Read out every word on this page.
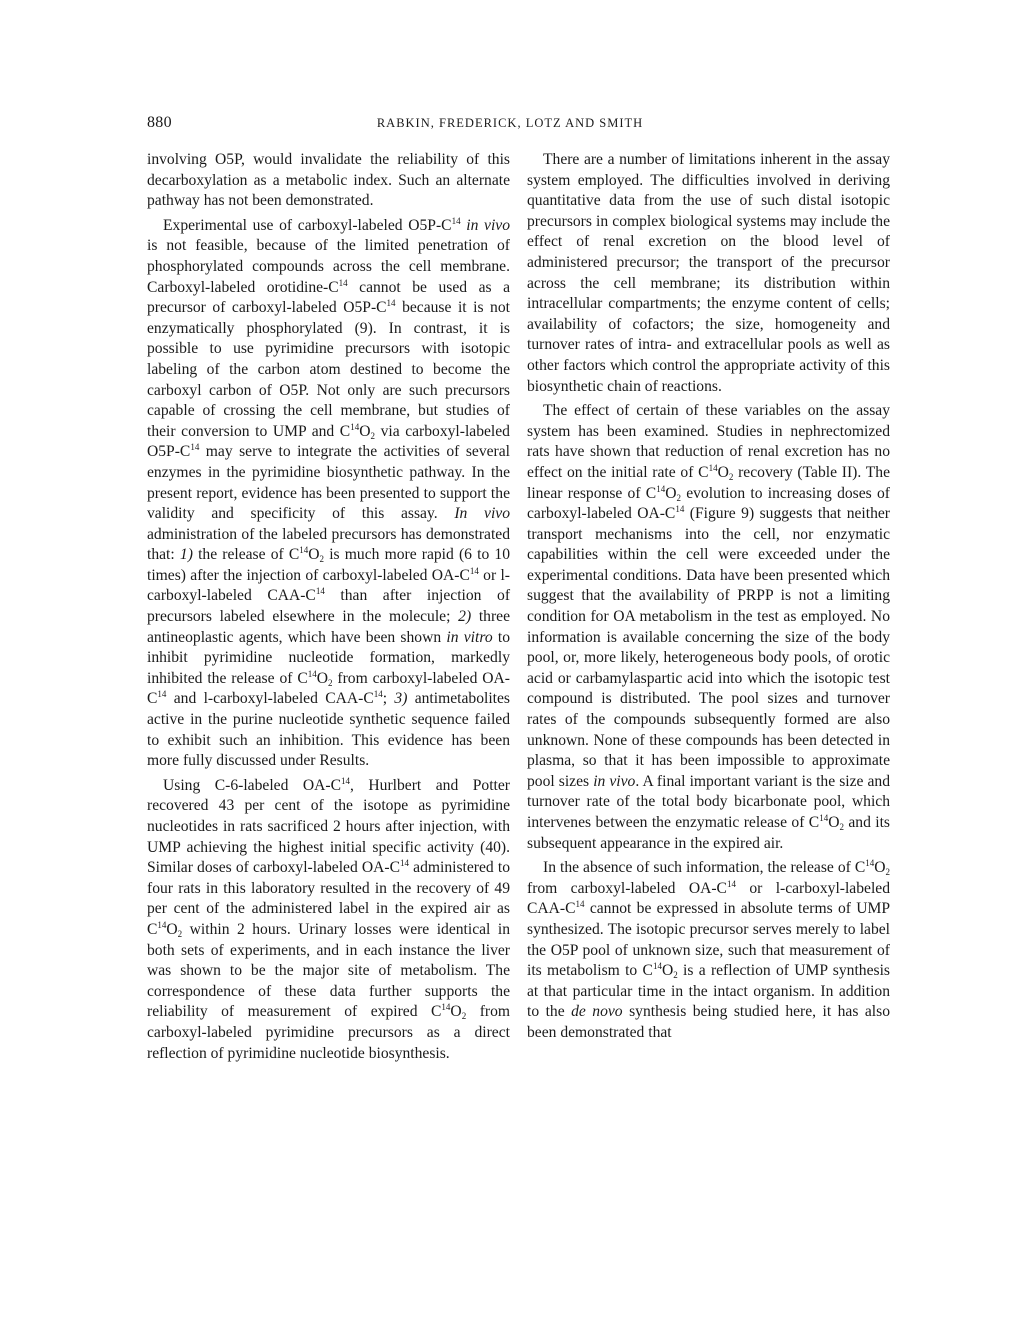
880	RABKIN, FREDERICK, LOTZ AND SMITH

involving O5P, would invalidate the reliability of this decarboxylation as a metabolic index. Such an alternate pathway has not been demonstrated.

Experimental use of carboxyl-labeled $O5P-C^{14}$ in vivo is not feasible, because of the limited penetration of phosphorylated compounds across the cell membrane. Carboxyl-labeled orotidine-$C^{14}$ cannot be used as a precursor of carboxyl-labeled $O5P-C^{14}$ because it is not enzymatically phosphorylated (9). In contrast, it is possible to use pyrimidine precursors with isotopic labeling of the carbon atom destined to become the carboxyl carbon of O5P. Not only are such precursors capable of crossing the cell membrane, but studies of their conversion to UMP and $C^{14}O_2$ via carboxyl-labeled $O5P-C^{14}$ may serve to integrate the activities of several enzymes in the pyrimidine biosynthetic pathway. In the present report, evidence has been presented to support the validity and specificity of this assay. In vivo administration of the labeled precursors has demonstrated that: 1) the release of $C^{14}O_2$ is much more rapid (6 to 10 times) after the injection of carboxyl-labeled $OA-C^{14}$ or l-carboxyl-labeled CAA-$C^{14}$ than after injection of precursors labeled elsewhere in the molecule; 2) three antineoplastic agents, which have been shown in vitro to inhibit pyrimidine nucleotide formation, markedly inhibited the release of $C^{14}O_2$ from carboxyl-labeled $OA-C^{14}$ and l-carboxyl-labeled CAA-$C^{14}$; 3) antimetabolites active in the purine nucleotide synthetic sequence failed to exhibit such an inhibition. This evidence has been more fully discussed under Results.

Using C-6-labeled $OA-C^{14}$, Hurlbert and Potter recovered 43 per cent of the isotope as pyrimidine nucleotides in rats sacrificed 2 hours after injection, with UMP achieving the highest initial specific activity (40). Similar doses of carboxyl-labeled $OA-C^{14}$ administered to four rats in this laboratory resulted in the recovery of 49 per cent of the administered label in the expired air as $C^{14}O_2$ within 2 hours. Urinary losses were identical in both sets of experiments, and in each instance the liver was shown to be the major site of metabolism. The correspondence of these data further supports the reliability of measurement of expired $C^{14}O_2$ from carboxyl-labeled pyrimidine precursors as a direct reflection of pyrimidine nucleotide biosynthesis.

There are a number of limitations inherent in the assay system employed. The difficulties involved in deriving quantitative data from the use of such distal isotopic precursors in complex biological systems may include the effect of renal excretion on the blood level of administered precursor; the transport of the precursor across the cell membrane; its distribution within intracellular compartments; the enzyme content of cells; availability of cofactors; the size, homogeneity and turnover rates of intra- and extracellular pools as well as other factors which control the appropriate activity of this biosynthetic chain of reactions.

The effect of certain of these variables on the assay system has been examined. Studies in nephrectomized rats have shown that reduction of renal excretion has no effect on the initial rate of $C^{14}O_2$ recovery (Table II). The linear response of $C^{14}O_2$ evolution to increasing doses of carboxyl-labeled $OA-C^{14}$ (Figure 9) suggests that neither transport mechanisms into the cell, nor enzymatic capabilities within the cell were exceeded under the experimental conditions. Data have been presented which suggest that the availability of PRPP is not a limiting condition for OA metabolism in the test as employed. No information is available concerning the size of the body pool, or, more likely, heterogeneous body pools, of orotic acid or carbamylaspartic acid into which the isotopic test compound is distributed. The pool sizes and turnover rates of the compounds subsequently formed are also unknown. None of these compounds has been detected in plasma, so that it has been impossible to approximate pool sizes in vivo. A final important variant is the size and turnover rate of the total body bicarbonate pool, which intervenes between the enzymatic release of $C^{14}O_2$ and its subsequent appearance in the expired air.

In the absence of such information, the release of $C^{14}O_2$ from carboxyl-labeled $OA-C^{14}$ or l-carboxyl-labeled CAA-$C^{14}$ cannot be expressed in absolute terms of UMP synthesized. The isotopic precursor serves merely to label the O5P pool of unknown size, such that measurement of its metabolism to $C^{14}O_2$ is a reflection of UMP synthesis at that particular time in the intact organism. In addition to the de novo synthesis being studied here, it has also been demonstrated that
